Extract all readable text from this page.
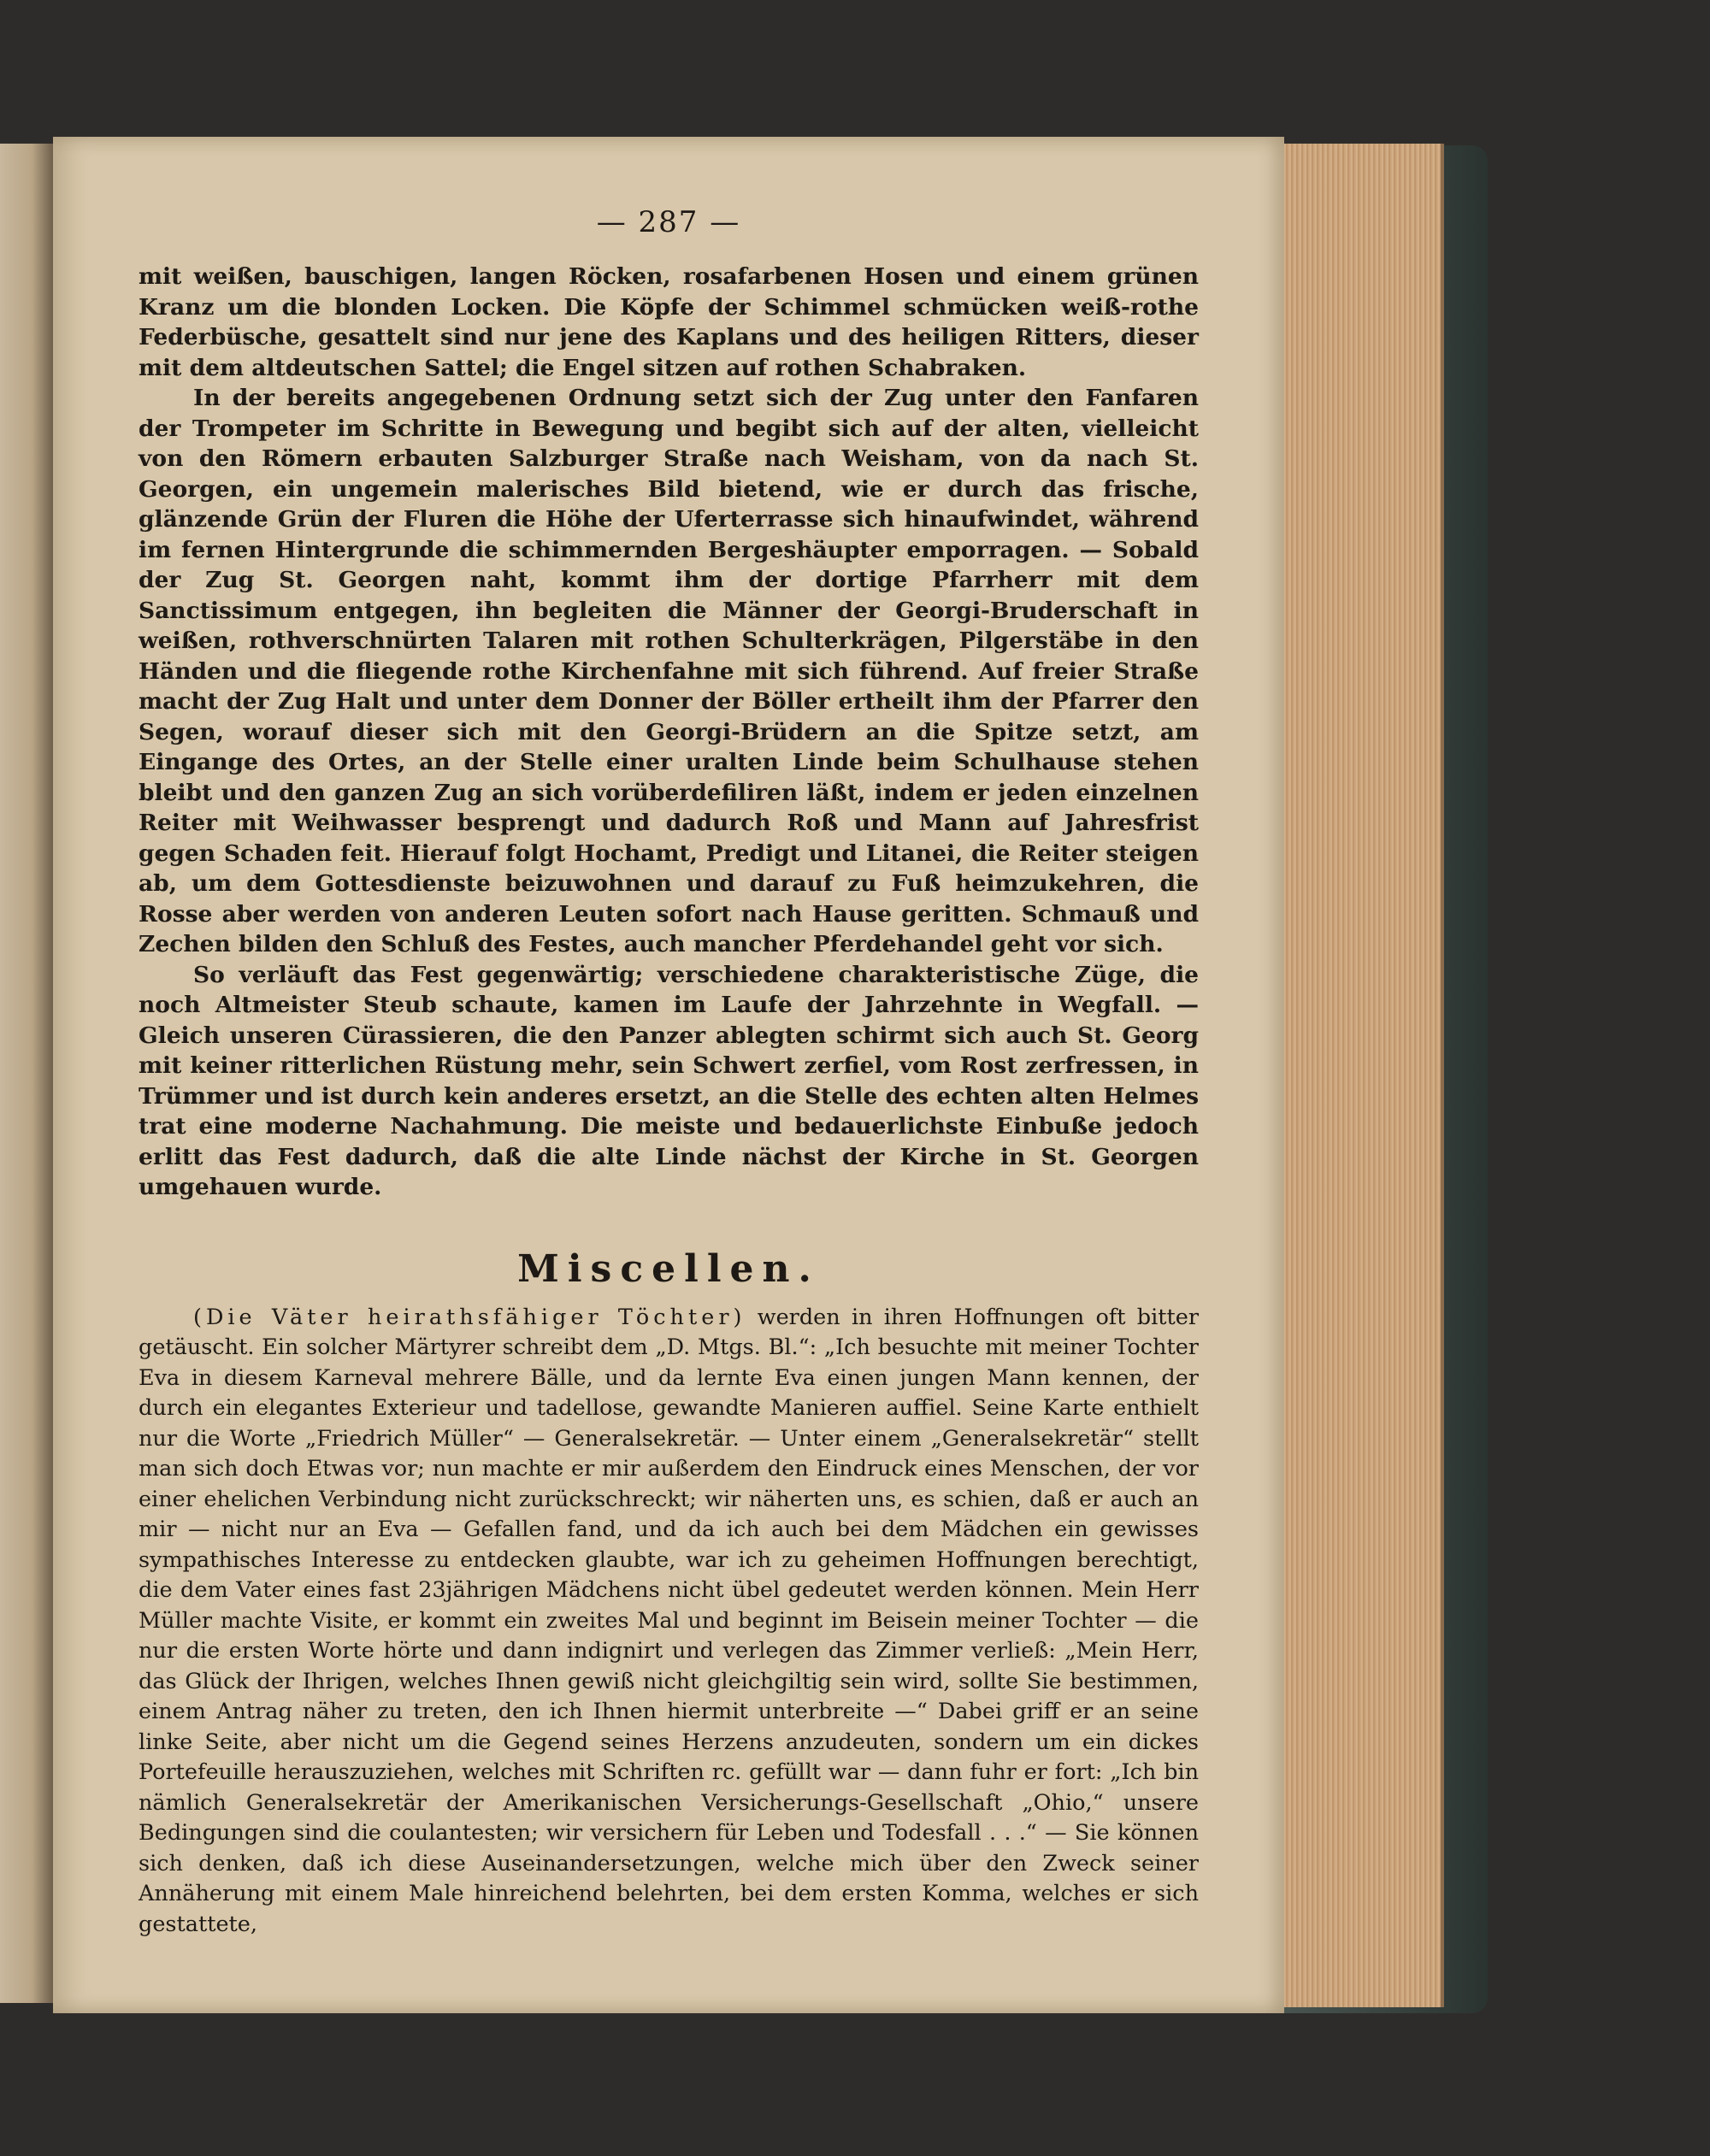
— 287 —

mit weißen, bauschigen, langen Röcken, rosafarbenen Hosen und einem grünen Kranz um die blonden Locken. Die Köpfe der Schimmel schmücken weiß-rothe Federbüsche, gesattelt sind nur jene des Kaplans und des heiligen Ritters, dieser mit dem altdeutschen Sattel; die Engel sitzen auf rothen Schabraken.

In der bereits angegebenen Ordnung setzt sich der Zug unter den Fanfaren der Trompeter im Schritte in Bewegung und begibt sich auf der alten, vielleicht von den Römern erbauten Salzburger Straße nach Weisham, von da nach St. Georgen, ein ungemein malerisches Bild bietend, wie er durch das frische, glänzende Grün der Fluren die Höhe der Uferterrasse sich hinaufwindet, während im fernen Hintergrunde die schimmernden Bergeshäupter emporragen. — Sobald der Zug St. Georgen naht, kommt ihm der dortige Pfarrherr mit dem Sanctissimum entgegen, ihn begleiten die Männer der Georgi-Bruderschaft in weißen, rothverschnürten Talaren mit rothen Schulterkrägen, Pilgerstäbe in den Händen und die fliegende rothe Kirchenfahne mit sich führend. Auf freier Straße macht der Zug Halt und unter dem Donner der Böller ertheilt ihm der Pfarrer den Segen, worauf dieser sich mit den Georgi-Brüdern an die Spitze setzt, am Eingange des Ortes, an der Stelle einer uralten Linde beim Schulhause stehen bleibt und den ganzen Zug an sich vorüberdefiliren läßt, indem er jeden einzelnen Reiter mit Weihwasser besprengt und dadurch Roß und Mann auf Jahresfrist gegen Schaden feit. Hierauf folgt Hochamt, Predigt und Litanei, die Reiter steigen ab, um dem Gottesdienste beizuwohnen und darauf zu Fuß heimzukehren, die Rosse aber werden von anderen Leuten sofort nach Hause geritten. Schmauß und Zechen bilden den Schluß des Festes, auch mancher Pferdehandel geht vor sich.

So verläuft das Fest gegenwärtig; verschiedene charakteristische Züge, die noch Altmeister Steub schaute, kamen im Laufe der Jahrzehnte in Wegfall. — Gleich unseren Cürassieren, die den Panzer ablegten schirmt sich auch St. Georg mit keiner ritterlichen Rüstung mehr, sein Schwert zerfiel, vom Rost zerfressen, in Trümmer und ist durch kein anderes ersetzt, an die Stelle des echten alten Helmes trat eine moderne Nachahmung. Die meiste und bedauerlichste Einbuße jedoch erlitt das Fest dadurch, daß die alte Linde nächst der Kirche in St. Georgen umgehauen wurde.

Miscellen.

(Die Väter heirathsfähiger Töchter) werden in ihren Hoffnungen oft bitter getäuscht. Ein solcher Märtyrer schreibt dem „D. Mtgs. Bl.“: „Ich besuchte mit meiner Tochter Eva in diesem Karneval mehrere Bälle, und da lernte Eva einen jungen Mann kennen, der durch ein elegantes Exterieur und tadellose, gewandte Manieren auffiel. Seine Karte enthielt nur die Worte „Friedrich Müller“ — Generalsekretär. — Unter einem „Generalsekretär“ stellt man sich doch Etwas vor; nun machte er mir außerdem den Eindruck eines Menschen, der vor einer ehelichen Verbindung nicht zurückschreckt; wir näherten uns, es schien, daß er auch an mir — nicht nur an Eva — Gefallen fand, und da ich auch bei dem Mädchen ein gewisses sympathisches Interesse zu entdecken glaubte, war ich zu geheimen Hoffnungen berechtigt, die dem Vater eines fast 23jährigen Mädchens nicht übel gedeutet werden können. Mein Herr Müller machte Visite, er kommt ein zweites Mal und beginnt im Beisein meiner Tochter — die nur die ersten Worte hörte und dann indignirt und verlegen das Zimmer verließ: „Mein Herr, das Glück der Ihrigen, welches Ihnen gewiß nicht gleichgiltig sein wird, sollte Sie bestimmen, einem Antrag näher zu treten, den ich Ihnen hiermit unterbreite —“ Dabei griff er an seine linke Seite, aber nicht um die Gegend seines Herzens anzudeuten, sondern um ein dickes Portefeuille herauszuziehen, welches mit Schriften rc. gefüllt war — dann fuhr er fort: „Ich bin nämlich Generalsekretär der Amerikanischen Versicherungs-Gesellschaft „Ohio,“ unsere Bedingungen sind die coulantesten; wir versichern für Leben und Todesfall . . .“ — Sie können sich denken, daß ich diese Auseinandersetzungen, welche mich über den Zweck seiner Annäherung mit einem Male hinreichend belehrten, bei dem ersten Komma, welches er sich gestattete,
